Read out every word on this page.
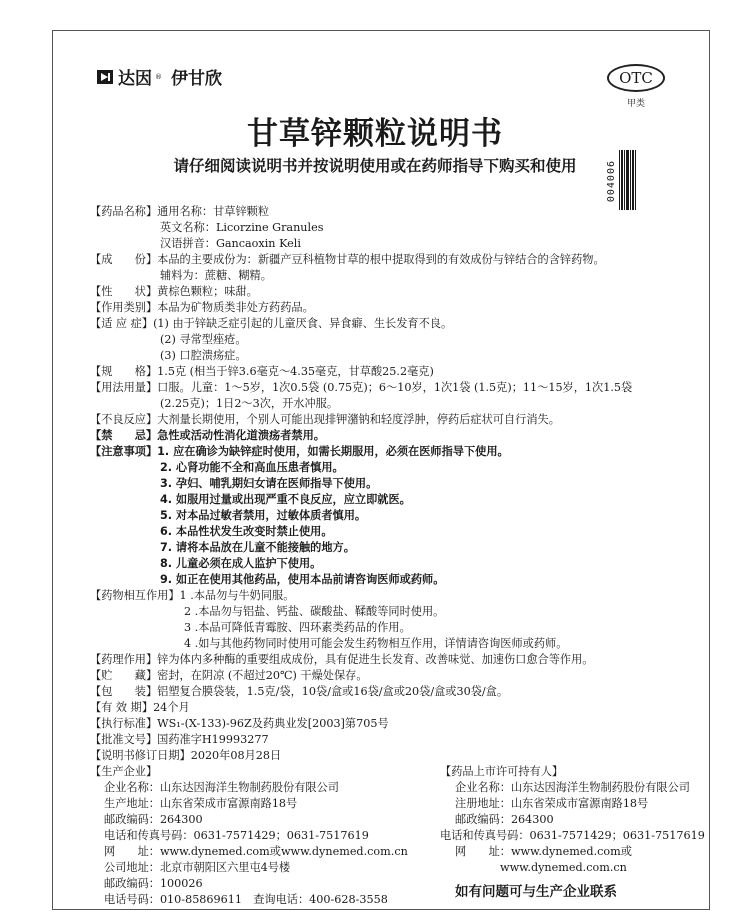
达因 ® 伊甘欣	OTC
甲类
甘草锌颗粒说明书
请仔细阅读说明书并按说明使用或在药师指导下购买和使用	004006
【药品名称】通用名称：甘草锌颗粒
英文名称：Licorzine Granules
汉语拼音：Gancaoxin Keli
【成　　份】本品的主要成份为：新疆产豆科植物甘草的根中提取得到的有效成份与锌结合的含锌药物。
辅料为：蔗糖、糊精。
【性　　状】黄棕色颗粒；味甜。
【作用类别】本品为矿物质类非处方药药品。
【适 应 症】(1) 由于锌缺乏症引起的儿童厌食、异食癖、生长发育不良。
(2) 寻常型痤疮。
(3) 口腔溃疡症。
【规　　格】1.5克 (相当于锌3.6毫克～4.35毫克，甘草酸25.2毫克)
【用法用量】口服。儿童：1～5岁，1次0.5袋 (0.75克)；6～10岁，1次1袋 (1.5克)；11～15岁，1次1.5袋
(2.25克)；1日2～3次，开水冲服。
【不良反应】大剂量长期使用，个别人可能出现排钾潴钠和轻度浮肿，停药后症状可自行消失。
【禁　　忌】急性或活动性消化道溃疡者禁用。
【注意事项】1. 应在确诊为缺锌症时使用，如需长期服用，必须在医师指导下使用。
2. 心肾功能不全和高血压患者慎用。
3. 孕妇、哺乳期妇女请在医师指导下使用。
4. 如服用过量或出现严重不良反应，应立即就医。
5. 对本品过敏者禁用，过敏体质者慎用。
6. 本品性状发生改变时禁止使用。
7. 请将本品放在儿童不能接触的地方。
8. 儿童必须在成人监护下使用。
9. 如正在使用其他药品，使用本品前请咨询医师或药师。
【药物相互作用】1 .本品勿与牛奶同服。
2 .本品勿与铝盐、钙盐、碳酸盐、鞣酸等同时使用。
3 .本品可降低青霉胺、四环素类药品的作用。
4 .如与其他药物同时使用可能会发生药物相互作用，详情请咨询医师或药师。
【药理作用】锌为体内多种酶的重要组成成份，具有促进生长发育、改善味觉、加速伤口愈合等作用。
【贮　　藏】密封，在阴凉 (不超过20℃) 干燥处保存。
【包　　装】铝塑复合膜袋装，1.5克/袋，10袋/盒或16袋/盒或20袋/盒或30袋/盒。
【有 效 期】24个月
【执行标准】WS₁-(X-133)-96Z及药典业发[2003]第705号
【批准文号】国药准字H19993277
【说明书修订日期】2020年08月28日
【生产企业】
企业名称：山东达因海洋生物制药股份有限公司
生产地址：山东省荣成市富源南路18号
邮政编码：264300
电话和传真号码：0631-7571429；0631-7517619
网　　址：www.dynemed.com或www.dynemed.com.cn
公司地址：北京市朝阳区六里屯4号楼
邮政编码：100026
电话号码：010-85869611　查询电话：400-628-3558
【药品上市许可持有人】
企业名称：山东达因海洋生物制药股份有限公司
注册地址：山东省荣成市富源南路18号
邮政编码：264300
电话和传真号码：0631-7571429；0631-7517619
网　　址：www.dynemed.com或
www.dynemed.com.cn
如有问题可与生产企业联系
